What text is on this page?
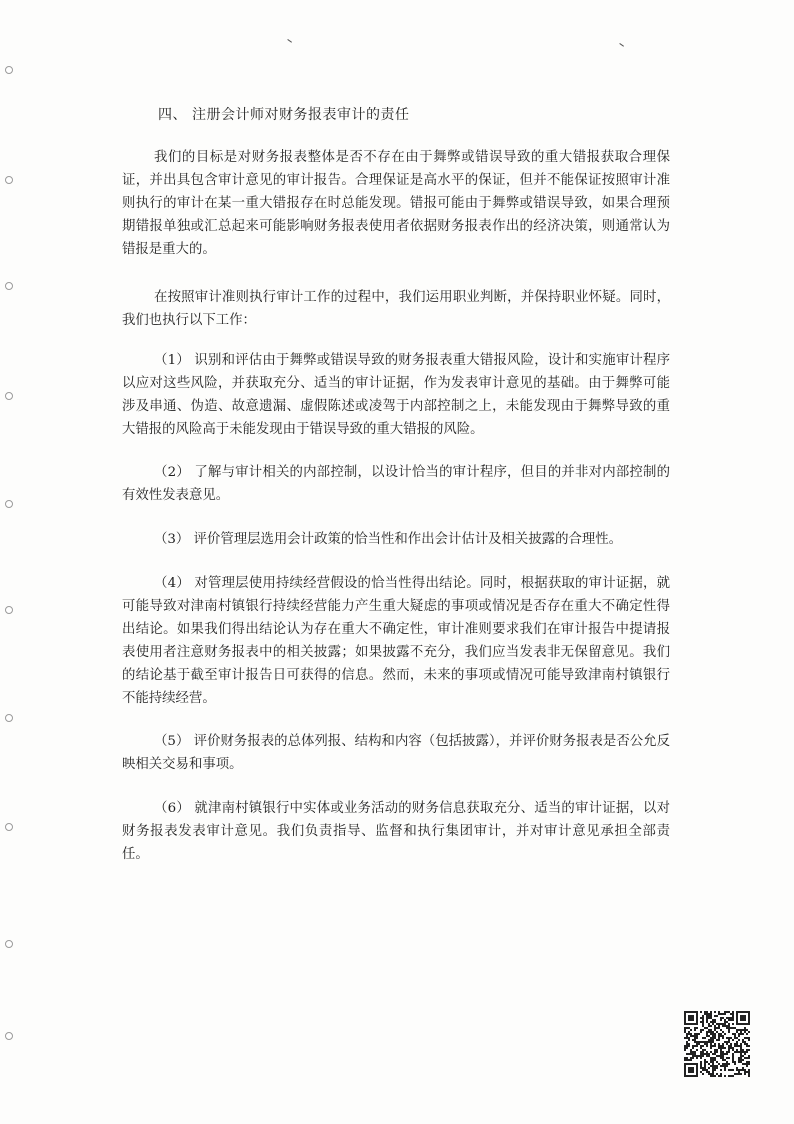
四、 注册会计师对财务报表审计的责任

我们的目标是对财务报表整体是否不存在由于舞弊或错误导致的重大错报获取合理保证，并出具包含审计意见的审计报告。合理保证是高水平的保证，但并不能保证按照审计准则执行的审计在某一重大错报存在时总能发现。错报可能由于舞弊或错误导致，如果合理预期错报单独或汇总起来可能影响财务报表使用者依据财务报表作出的经济决策，则通常认为错报是重大的。

在按照审计准则执行审计工作的过程中，我们运用职业判断，并保持职业怀疑。同时，我们也执行以下工作：

（1） 识别和评估由于舞弊或错误导致的财务报表重大错报风险，设计和实施审计程序以应对这些风险，并获取充分、适当的审计证据，作为发表审计意见的基础。由于舞弊可能涉及串通、伪造、故意遗漏、虚假陈述或凌驾于内部控制之上，未能发现由于舞弊导致的重大错报的风险高于未能发现由于错误导致的重大错报的风险。

（2） 了解与审计相关的内部控制，以设计恰当的审计程序，但目的并非对内部控制的有效性发表意见。

（3） 评价管理层选用会计政策的恰当性和作出会计估计及相关披露的合理性。

（4） 对管理层使用持续经营假设的恰当性得出结论。同时，根据获取的审计证据，就可能导致对津南村镇银行持续经营能力产生重大疑虑的事项或情况是否存在重大不确定性得出结论。如果我们得出结论认为存在重大不确定性，审计准则要求我们在审计报告中提请报表使用者注意财务报表中的相关披露；如果披露不充分，我们应当发表非无保留意见。我们的结论基于截至审计报告日可获得的信息。然而，未来的事项或情况可能导致津南村镇银行不能持续经营。

（5） 评价财务报表的总体列报、结构和内容（包括披露），并评价财务报表是否公允反映相关交易和事项。

（6） 就津南村镇银行中实体或业务活动的财务信息获取充分、适当的审计证据，以对财务报表发表审计意见。我们负责指导、监督和执行集团审计，并对审计意见承担全部责任。
